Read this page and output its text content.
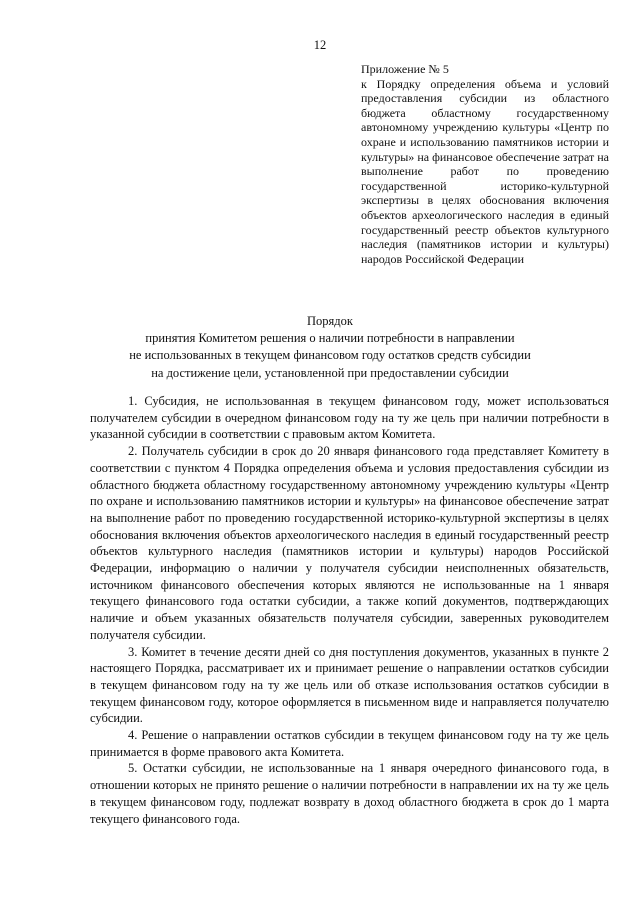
12
Приложение № 5
к Порядку определения объема и условий предоставления субсидии из областного бюджета областному государственному автономному учреждению культуры «Центр по охране и использованию памятников истории и культуры» на финансовое обеспечение затрат на выполнение работ по проведению государственной историко-культурной экспертизы в целях обоснования включения объектов археологического наследия в единый государственный реестр объектов культурного наследия (памятников истории и культуры) народов Российской Федерации
Порядок
принятия Комитетом решения о наличии потребности в направлении
не использованных в текущем финансовом году остатков средств субсидии
на достижение цели, установленной при предоставлении субсидии

1. Субсидия, не использованная в текущем финансовом году, может использоваться получателем субсидии в очередном финансовом году на ту же цель при наличии потребности в указанной субсидии в соответствии с правовым актом Комитета.

2. Получатель субсидии в срок до 20 января финансового года представляет Комитету в соответствии с пунктом 4 Порядка определения объема и условия предоставления субсидии из областного бюджета областному государственному автономному учреждению культуры «Центр по охране и использованию памятников истории и культуры» на финансовое обеспечение затрат на выполнение работ по проведению государственной историко-культурной экспертизы в целях обоснования включения объектов археологического наследия в единый государственный реестр объектов культурного наследия (памятников истории и культуры) народов Российской Федерации, информацию о наличии у получателя субсидии неисполненных обязательств, источником финансового обеспечения которых являются не использованные на 1 января текущего финансового года остатки субсидии, а также копий документов, подтверждающих наличие и объем указанных обязательств получателя субсидии, заверенных руководителем получателя субсидии.

3. Комитет в течение десяти дней со дня поступления документов, указанных в пункте 2 настоящего Порядка, рассматривает их и принимает решение о направлении остатков субсидии в текущем финансовом году на ту же цель или об отказе использования остатков субсидии в текущем финансовом году, которое оформляется в письменном виде и направляется получателю субсидии.

4. Решение о направлении остатков субсидии в текущем финансовом году на ту же цель принимается в форме правового акта Комитета.

5. Остатки субсидии, не использованные на 1 января очередного финансового года, в отношении которых не принято решение о наличии потребности в направлении их на ту же цель в текущем финансовом году, подлежат возврату в доход областного бюджета в срок до 1 марта текущего финансового года.
